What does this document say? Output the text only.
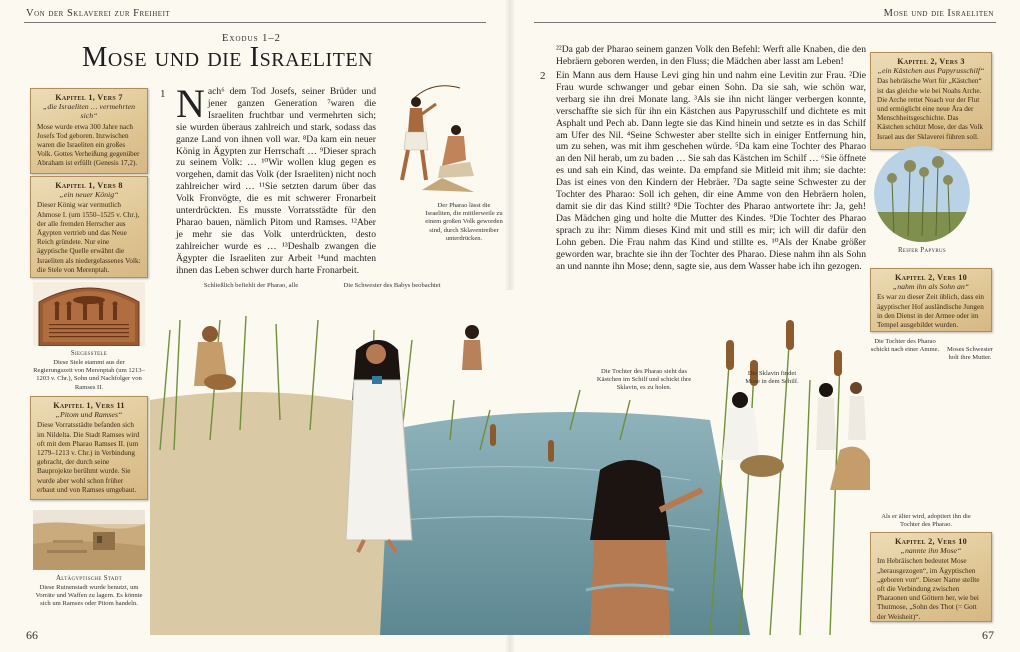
Von der Sklaverei zur Freiheit
Exodus 1–2
Mose und die Israeliten
Kapitel 1, Vers 7
„die Israeliten … vermehrten sich“
Mose wurde etwa 300 Jahre nach Josefs Tod geboren. Inzwischen waren die Israeliten ein großes Volk. Gottes Verheißung gegenüber Abraham ist erfüllt (Genesis 17,2).
Kapitel 1, Vers 8
„ein neuer König“
Dieser König war vermutlich Ahmose I. (um 1550–1525 v. Chr.), der alle fremden Herrscher aus Ägypten vertrieb und das Neue Reich gründete. Nur eine ägyptische Quelle erwähnt die Israeliten als niedergelassenes Volk: die Stele von Merenptah.
Siegesstele
Diese Stele stammt aus der Regierungszeit von Merenptah (um 1213–1203 v. Chr.), Sohn und Nachfolger von Ramses II.
Kapitel 1, Vers 11
„Pitom und Ramses“
Diese Vorratsstädte befanden sich im Nildelta. Die Stadt Ramses wird oft mit dem Pharao Ramses II. (um 1279–1213 v. Chr.) in Verbindung gebracht, der durch seine Bauprojekte berühmt wurde. Sie wurde aber wohl schon früher erbaut und von Ramses umgebaut.
Altägyptische Stadt
Diese Ruinenstadt wurde benutzt, um Vorräte und Waffen zu lagern. Es könnte sich um Ramses oder Pitom handeln.
1 Nach⁶ dem Tod Josefs, seiner Brüder und jener ganzen Generation ⁷waren die Israeliten fruchtbar und vermehrten sich; sie wurden überaus zahlreich und stark, sodass das ganze Land von ihnen voll war. ⁸Da kam ein neuer König in Ägypten zur Herrschaft … ⁹Dieser sprach zu seinem Volk: … ¹⁰Wir wollen klug gegen es vorgehen, damit das Volk (der Israeliten) nicht noch zahlreicher wird … ¹¹Sie setzten darum über das Volk Fronvögte, die es mit schwerer Fronarbeit unterdrückten. Es musste Vorratsstädte für den Pharao bauen, nämlich Pitom und Ramses. ¹²Aber je mehr sie das Volk unterdrückten, desto zahlreicher wurde es … ¹³Deshalb zwangen die Ägypter die Israeliten zur Arbeit ¹⁴und machten ihnen das Leben schwer durch harte Fronarbeit.
Der Pharao lässt die Israeliten, die mittlerweile zu einem großen Volk geworden sind, durch Sklaventreiber unterdrücken.
Schließlich befiehlt der Pharao, alle	Die Schwester des Babys beobachtet
66
Mose und die Israeliten
²²Da gab der Pharao seinem ganzen Volk den Befehl: Werft alle Knaben, die den Hebräern geboren werden, in den Fluss; die Mädchen aber lasst am Leben!
2 Ein Mann aus dem Hause Levi ging hin und nahm eine Levitin zur Frau. ²Die Frau wurde schwanger und gebar einen Sohn. Da sie sah, wie schön war, verbarg sie ihn drei Monate lang. ³Als sie ihn nicht länger verbergen konnte, verschaffte sie sich für ihn ein Kästchen aus Papyrusschilf und dichtete es mit Asphalt und Pech ab. Dann legte sie das Kind hinein und setzte es in das Schilf am Ufer des Nil. ⁴Seine Schwester aber stellte sich in einiger Entfernung hin, um zu sehen, was mit ihm geschehen würde. ⁵Da kam eine Tochter des Pharao an den Nil herab, um zu baden … Sie sah das Kästchen im Schilf … ⁶Sie öffnete es und sah ein Kind, das weinte. Da empfand sie Mitleid mit ihm; sie dachte: Das ist eines von den Kindern der Hebräer. ⁷Da sagte seine Schwester zu der Tochter des Pharao: Soll ich gehen, dir eine Amme von den Hebräern holen, damit sie dir das Kind stillt? ⁸Die Tochter des Pharao antwortete ihr: Ja, geh! Das Mädchen ging und holte die Mutter des Kindes. ⁹Die Tochter des Pharao sprach zu ihr: Nimm dieses Kind mit und still es mir; ich will dir dafür den Lohn geben. Die Frau nahm das Kind und stillte es. ¹⁰Als der Knabe größer geworden war, brachte sie ihn der Tochter des Pharao. Diese nahm ihn als Sohn an und nannte ihn Mose; denn, sagte sie, aus dem Wasser habe ich ihn gezogen.
Kapitel 2, Vers 3
„ein Kästchen aus Papyrusschilf“
Das hebräische Wort für „Kästchen“ ist das gleiche wie bei Noahs Arche. Die Arche rettet Noach vor der Flut und ermöglicht eine neue Ära der Menschheitsgeschichte. Das Kästchen schützt Mose, der das Volk Israel aus der Sklaverei führen soll.
Reifer Papyrus
Kapitel 2, Vers 10
„nahm ihn als Sohn an“
Es war zu dieser Zeit üblich, dass ein ägyptischer Hof ausländische Jungen in den Dienst in der Armee oder im Tempel ausgebildet wurden.
Die Tochter des Pharao schickt nach einer Amme.	Moses Schwester holt ihre Mutter.
Als er älter wird, adoptiert ihn die Tochter des Pharao.
Kapitel 2, Vers 10
„nannte ihn Mose“
Im Hebräischen bedeutet Mose „herausgezogen“, im Ägyptischen „geboren von“. Dieser Name stellte oft die Verbindung zwischen Pharaonen und Göttern her, wie bei Thutmose, „Sohn des Thot (= Gott der Weisheit)“.
67
Die Tochter des Pharao sieht das Kästchen im Schilf und schickt ihre Sklavin, es zu holen.
Die Sklavin findet Mose in dem Schilf.
